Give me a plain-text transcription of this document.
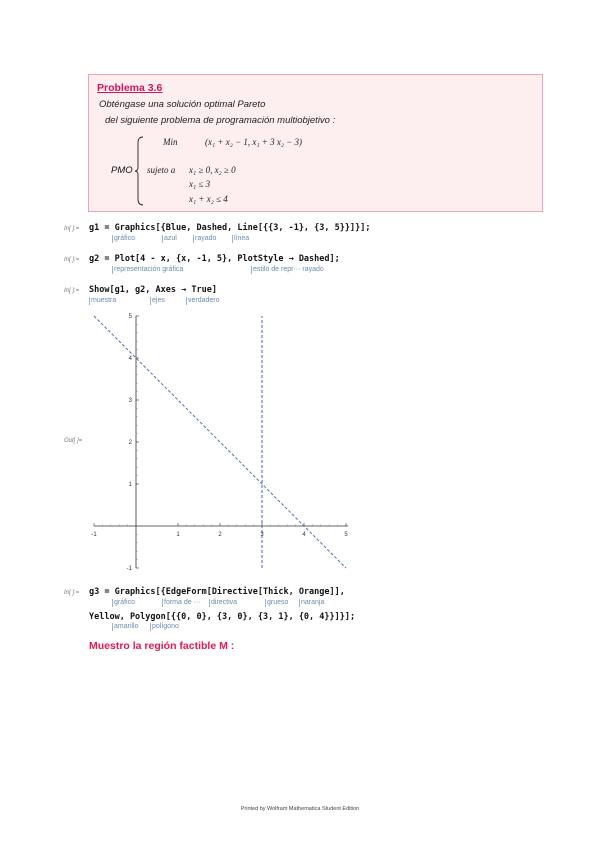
Problema 3.6
Obténgase una solución optimal Pareto
del siguiente problema de programación multiobjetivo :
PMO
Min	(x₁ + x₂ − 1, x₁ + 3 x₂ − 3)
sujeto a x₁ ≥ 0, x₂ ≥ 0
x₁ ≤ 3
x₁ + x₂ ≤ 4
In[ ]:= g1 = Graphics[{Blue, Dashed, Line[{{3, -1}, {3, 5}}]}];
gráfico	azul	rayado	línea
In[ ]:= g2 = Plot[4 - x, {x, -1, 5}, PlotStyle → Dashed];
representación gráfica	estilo de repr··· rayado
In[ ]:= Show[g1, g2, Axes → True]
muestra	ejes	verdadero
Out[ ]=
-1	1	2	3	4	5
-1
1
2
3
4
5
In[ ]:= g3 = Graphics[{EdgeForm[Directive[Thick, Orange]],
gráfico	forma de ··· directiva	grueso naranja
Yellow, Polygon[{{0, 0}, {3, 0}, {3, 1}, {0, 4}}]}];
amarillo polígono
Muestro la región factible M :
Printed by Wolfram Mathematica Student Edition
